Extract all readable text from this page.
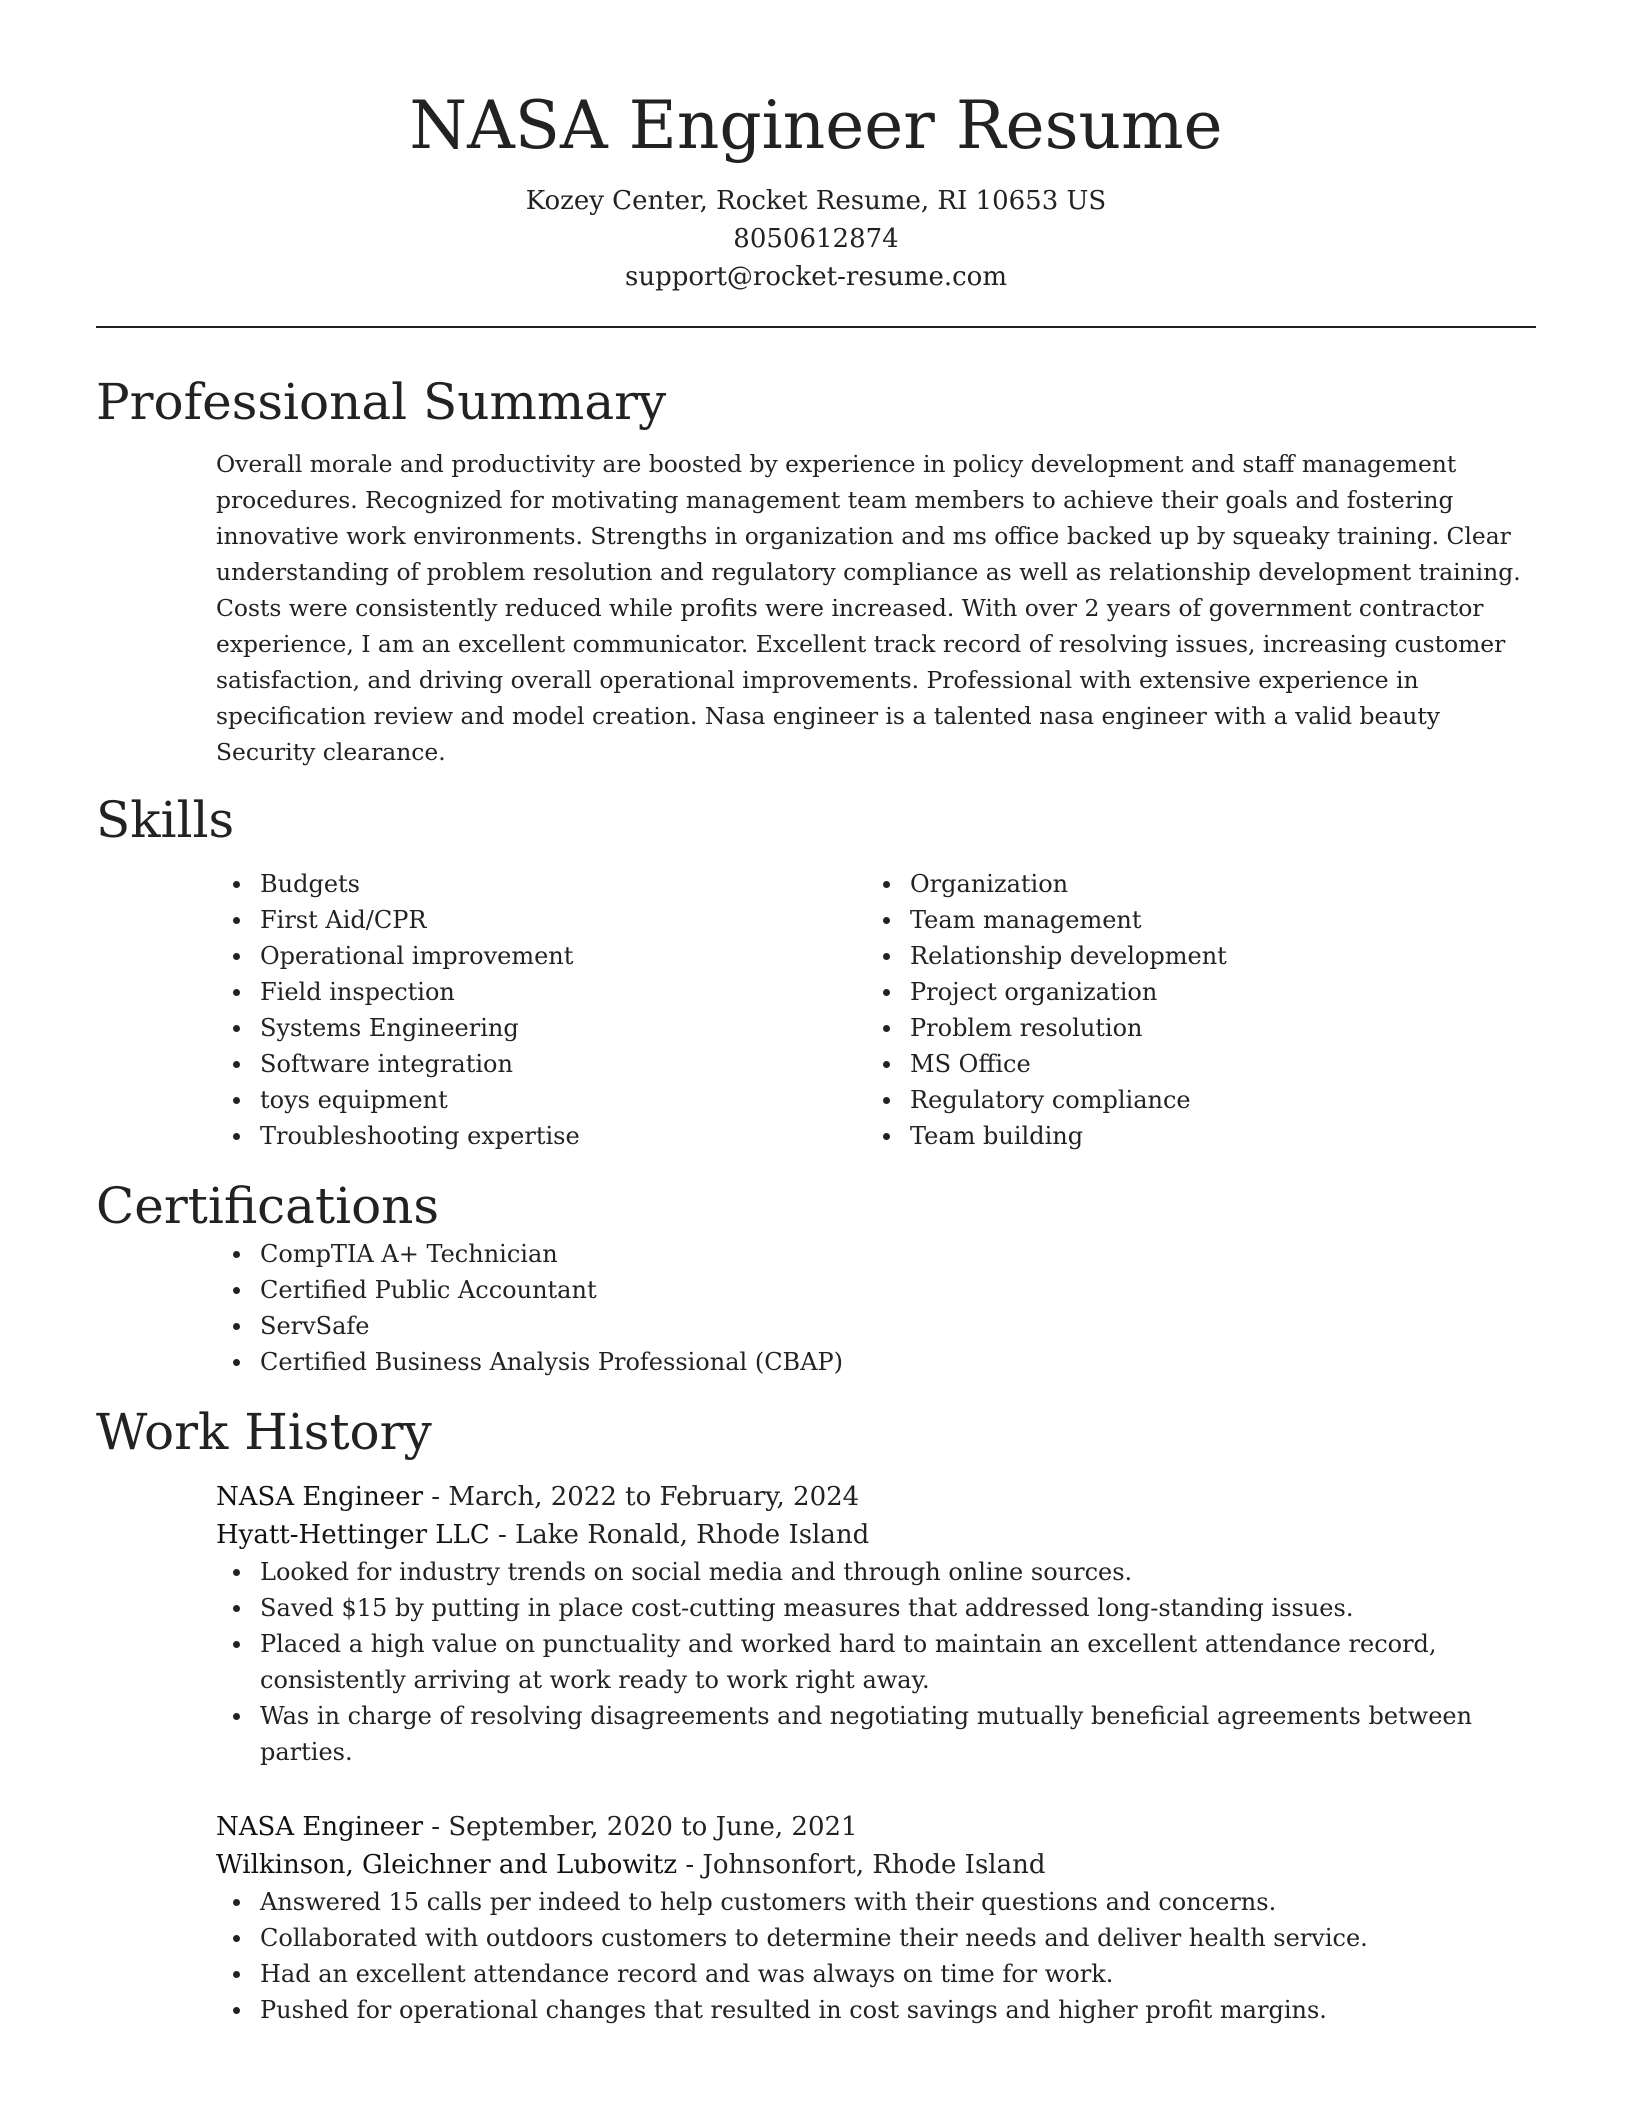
NASA Engineer Resume
Kozey Center, Rocket Resume, RI 10653 US
8050612874
support@rocket-resume.com
Professional Summary

Overall morale and productivity are boosted by experience in policy development and staff management procedures. Recognized for motivating management team members to achieve their goals and fostering innovative work environments. Strengths in organization and ms office backed up by squeaky training. Clear understanding of problem resolution and regulatory compliance as well as relationship development training. Costs were consistently reduced while profits were increased. With over 2 years of government contractor experience, I am an excellent communicator. Excellent track record of resolving issues, increasing customer satisfaction, and driving overall operational improvements. Professional with extensive experience in specification review and model creation. Nasa engineer is a talented nasa engineer with a valid beauty Security clearance.

Skills
Budgets
First Aid/CPR
Operational improvement
Field inspection
Systems Engineering
Software integration
toys equipment
Troubleshooting expertise
Organization
Team management
Relationship development
Project organization
Problem resolution
MS Office
Regulatory compliance
Team building
Certifications
CompTIA A+ Technician
Certified Public Accountant
ServSafe
Certified Business Analysis Professional (CBAP)
Work History
NASA Engineer - March, 2022 to February, 2024
Hyatt-Hettinger LLC - Lake Ronald, Rhode Island
Looked for industry trends on social media and through online sources.
Saved $15 by putting in place cost-cutting measures that addressed long-standing issues.
Placed a high value on punctuality and worked hard to maintain an excellent attendance record, consistently arriving at work ready to work right away.
Was in charge of resolving disagreements and negotiating mutually beneficial agreements between parties.
NASA Engineer - September, 2020 to June, 2021
Wilkinson, Gleichner and Lubowitz - Johnsonfort, Rhode Island
Answered 15 calls per indeed to help customers with their questions and concerns.
Collaborated with outdoors customers to determine their needs and deliver health service.
Had an excellent attendance record and was always on time for work.
Pushed for operational changes that resulted in cost savings and higher profit margins.
